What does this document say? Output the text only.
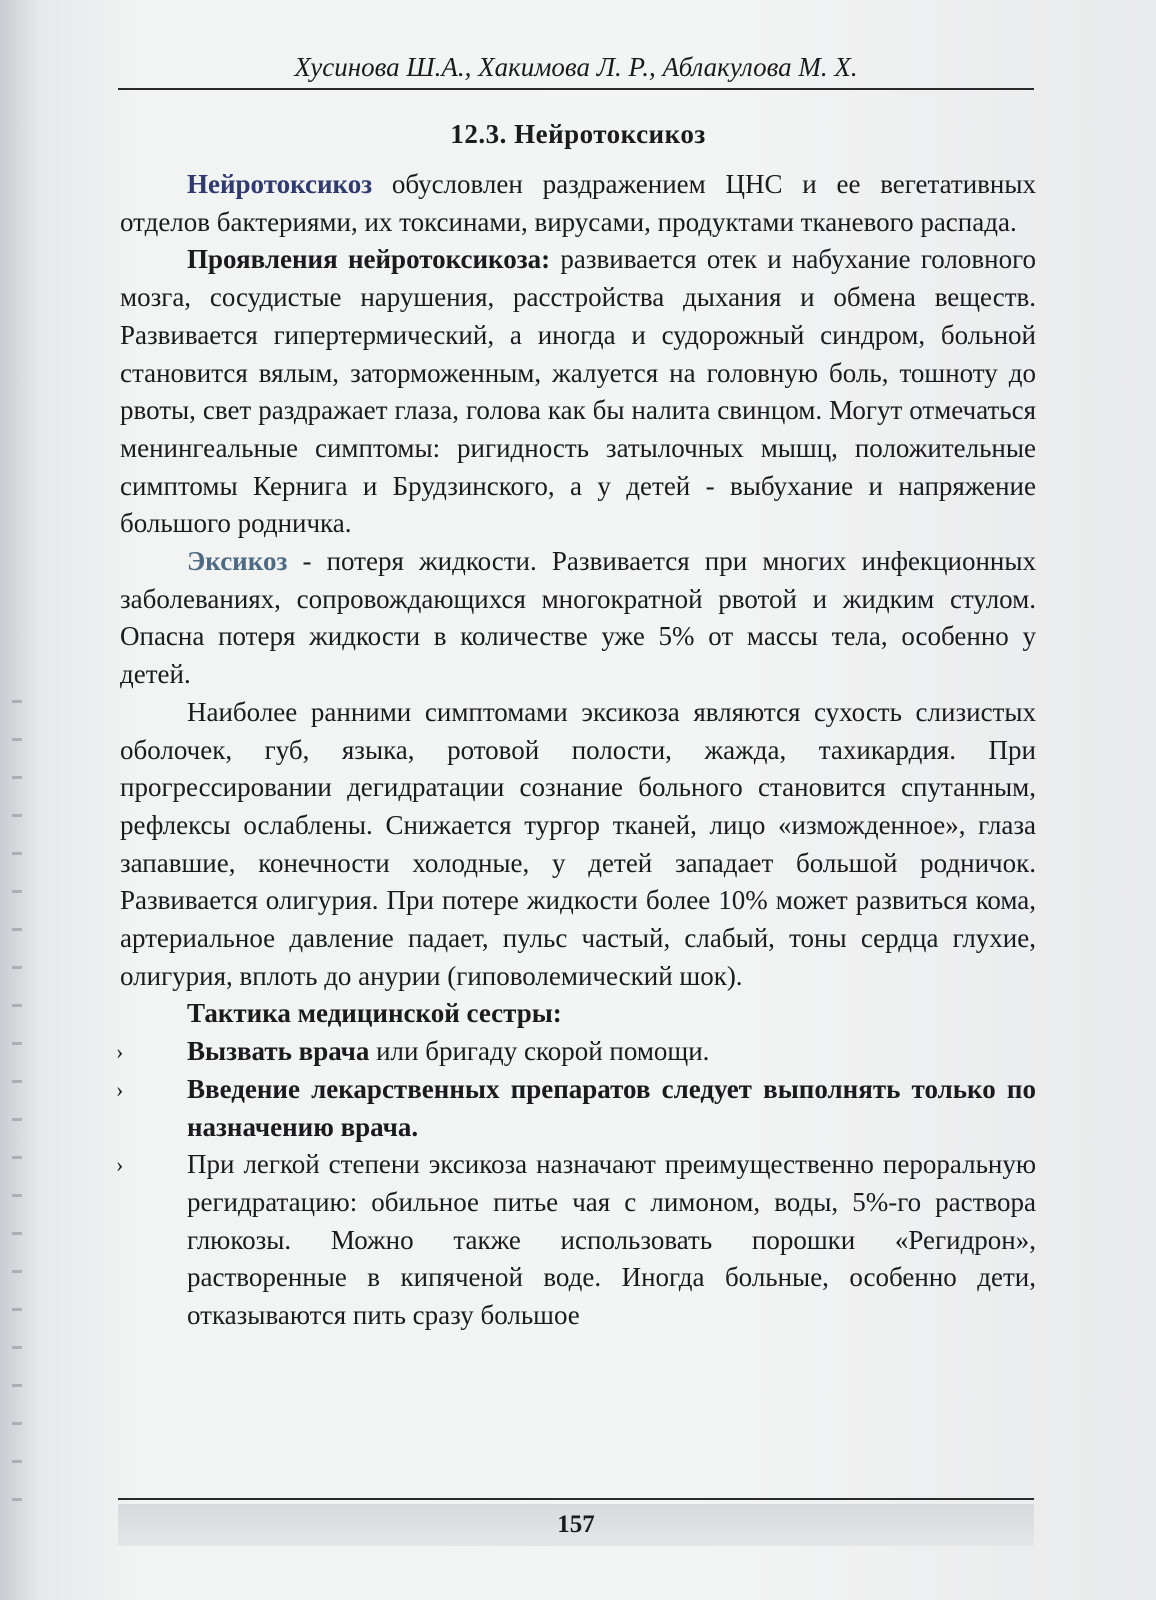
Хусинова Ш.А., Хакимова Л. Р., Аблакулова М. Х.
12.3. Нейротоксикоз

Нейротоксикоз обусловлен раздражением ЦНС и ее вегетативных отделов бактериями, их токсинами, вирусами, продуктами тканевого распада.

Проявления нейротоксикоза: развивается отек и набухание головного мозга, сосудистые нарушения, расстройства дыхания и обмена веществ. Развивается гипертермический, а иногда и судорожный синдром, больной становится вялым, заторможенным, жалуется на головную боль, тошноту до рвоты, свет раздражает глаза, голова как бы налита свинцом. Могут отмечаться менингеальные симптомы: ригидность затылочных мышц, положительные симптомы Кернига и Брудзинского, а у детей - выбухание и напряжение большого родничка.

Эксикоз - потеря жидкости. Развивается при многих инфекционных заболеваниях, сопровождающихся многократной рвотой и жидким стулом. Опасна потеря жидкости в количестве уже 5% от массы тела, особенно у детей.

Наиболее ранними симптомами эксикоза являются сухость слизистых оболочек, губ, языка, ротовой полости, жажда, тахикардия. При прогрессировании дегидратации сознание больного становится спутанным, рефлексы ослаблены. Снижается тургор тканей, лицо «изможденное», глаза запавшие, конечности холодные, у детей западает большой родничок. Развивается олигурия. При потере жидкости более 10% может развиться кома, артериальное давление падает, пульс частый, слабый, тоны сердца глухие, олигурия, вплоть до анурии (гиповолемический шок).

Тактика медицинской сестры:

› Вызвать врача или бригаду скорой помощи.
› Введение лекарственных препаратов следует выполнять только по назначению врача.
› При легкой степени эксикоза назначают преимущественно пероральную регидратацию: обильное питье чая с лимоном, воды, 5%-го раствора глюкозы. Можно также использовать порошки «Регидрон», растворенные в кипяченой воде. Иногда больные, особенно дети, отказываются пить сразу большое
157
